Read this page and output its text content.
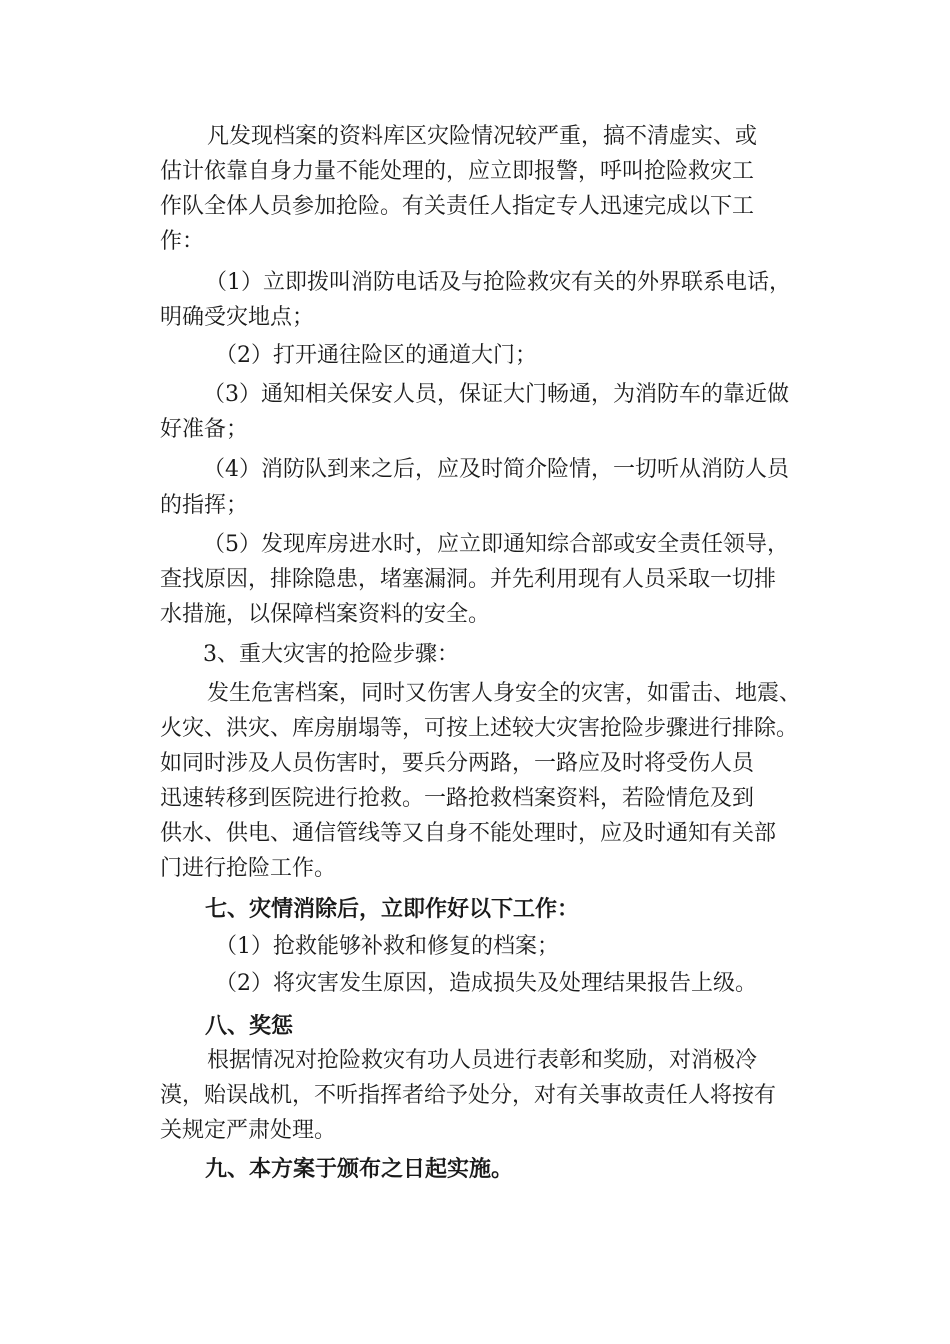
凡发现档案的资料库区灾险情况较严重，搞不清虚实、或
估计依靠自身力量不能处理的，应立即报警，呼叫抢险救灾工
作队全体人员参加抢险。有关责任人指定专人迅速完成以下工
作：
（1）立即拨叫消防电话及与抢险救灾有关的外界联系电话，
明确受灾地点；
（2）打开通往险区的通道大门；
（3）通知相关保安人员，保证大门畅通，为消防车的靠近做
好准备；
（4）消防队到来之后，应及时简介险情，一切听从消防人员
的指挥；
（5）发现库房进水时，应立即通知综合部或安全责任领导，
查找原因，排除隐患，堵塞漏洞。并先利用现有人员采取一切排
水措施，以保障档案资料的安全。
3、重大灾害的抢险步骤：
发生危害档案，同时又伤害人身安全的灾害，如雷击、地震、
火灾、洪灾、库房崩塌等，可按上述较大灾害抢险步骤进行排除。
如同时涉及人员伤害时，要兵分两路，一路应及时将受伤人员
迅速转移到医院进行抢救。一路抢救档案资料，若险情危及到
供水、供电、通信管线等又自身不能处理时，应及时通知有关部
门进行抢险工作。
七、灾情消除后，立即作好以下工作：
（1）抢救能够补救和修复的档案；
（2）将灾害发生原因，造成损失及处理结果报告上级。
八、奖惩
根据情况对抢险救灾有功人员进行表彰和奖励，对消极冷
漠，贻误战机，不听指挥者给予处分，对有关事故责任人将按有
关规定严肃处理。
九、本方案于颁布之日起实施。
